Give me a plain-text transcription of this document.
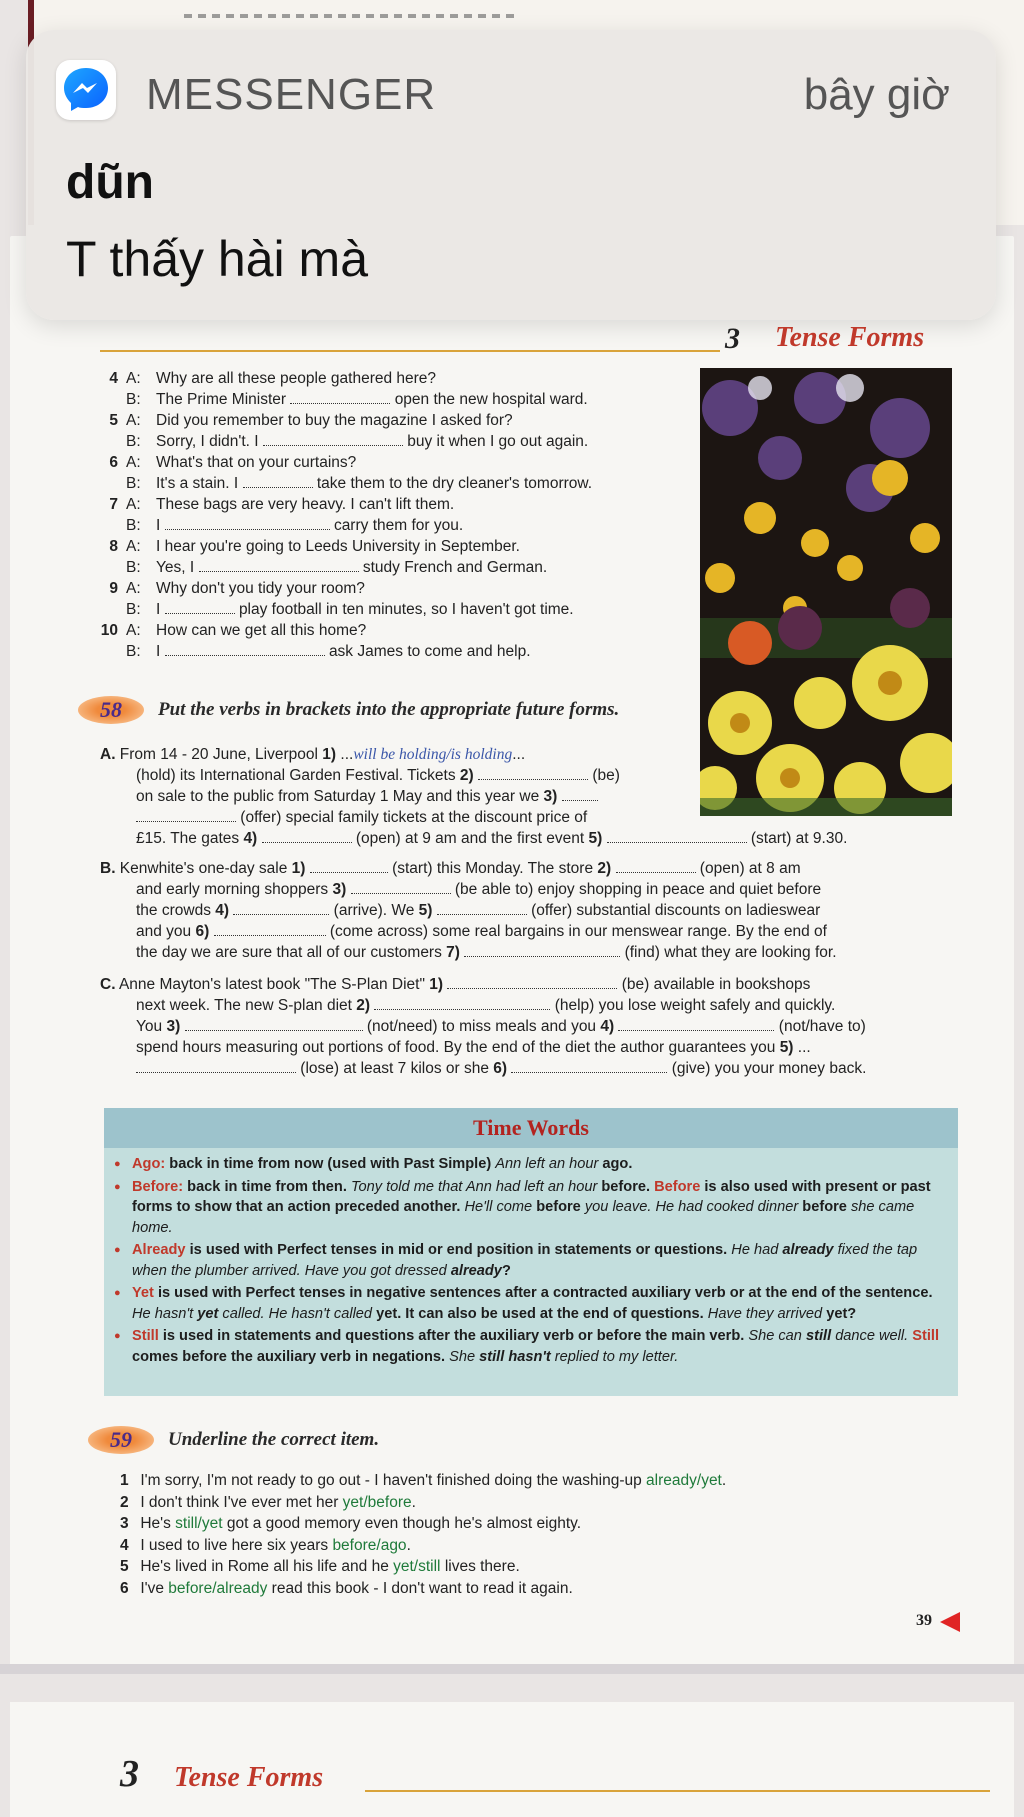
MESSENGER	bây giờ
dũn
T thấy hài mà
3 Tense Forms
4 A: Why are all these people gathered here?
B: The Prime Minister	open the new hospital ward.
5 A: Did you remember to buy the magazine I asked for?
B: Sorry, I didn't. I	buy it when I go out again.
6 A: What's that on your curtains?
B: It's a stain. I	take them to the dry cleaner's tomorrow.
7 A: These bags are very heavy. I can't lift them.
B: I	carry them for you.
8 A: I hear you're going to Leeds University in September.
B: Yes, I	study French and German.
9 A: Why don't you tidy your room?
B: I	play football in ten minutes, so I haven't got time.
10 A: How can we get all this home?
B: I	ask James to come and help.
58	Put the verbs in brackets into the appropriate future forms.
A. From 14 - 20 June, Liverpool 1) ...will be holding/is holding...
(hold) its International Garden Festival. Tickets 2)	(be)
on sale to the public from Saturday 1 May and this year we 3)
(offer) special family tickets at the discount price of
£15. The gates 4)	(open) at 9 am and the first event 5)	(start) at 9.30.
B. Kenwhite's one-day sale 1)	(start) this Monday. The store 2)	(open) at 8 am
and early morning shoppers 3)	(be able to) enjoy shopping in peace and quiet before
the crowds 4)	(arrive). We 5)	(offer) substantial discounts on ladieswear
and you 6)	(come across) some real bargains in our menswear range. By the end of
the day we are sure that all of our customers 7)	(find) what they are looking for.
C. Anne Mayton's latest book "The S-Plan Diet" 1)	(be) available in bookshops
next week. The new S-plan diet 2)	(help) you lose weight safely and quickly.
You 3)	(not/need) to miss meals and you 4)	(not/have to)
spend hours measuring out portions of food. By the end of the diet the author guarantees you 5) ...
(lose) at least 7 kilos or she 6)	(give) you your money back.
Time Words
● Ago: back in time from now (used with Past Simple) Ann left an hour ago.
● Before: back in time from then. Tony told me that Ann had left an hour before. Before is also used with present or past forms to show that an action preceded another. He'll come before you leave. He had cooked dinner before she came home.
● Already is used with Perfect tenses in mid or end position in statements or questions. He had already fixed the tap when the plumber arrived. Have you got dressed already?
● Yet is used with Perfect tenses in negative sentences after a contracted auxiliary verb or at the end of the sentence. He hasn't yet called. He hasn't called yet. It can also be used at the end of questions. Have they arrived yet?
● Still is used in statements and questions after the auxiliary verb or before the main verb. She can still dance well. Still comes before the auxiliary verb in negations. She still hasn't replied to my letter.
59	Underline the correct item.
1 I'm sorry, I'm not ready to go out - I haven't finished doing the washing-up already/yet.
2 I don't think I've ever met her yet/before.
3 He's still/yet got a good memory even though he's almost eighty.
4 I used to live here six years before/ago.
5 He's lived in Rome all his life and he yet/still lives there.
6 I've before/already read this book - I don't want to read it again.
39
3 Tense Forms
